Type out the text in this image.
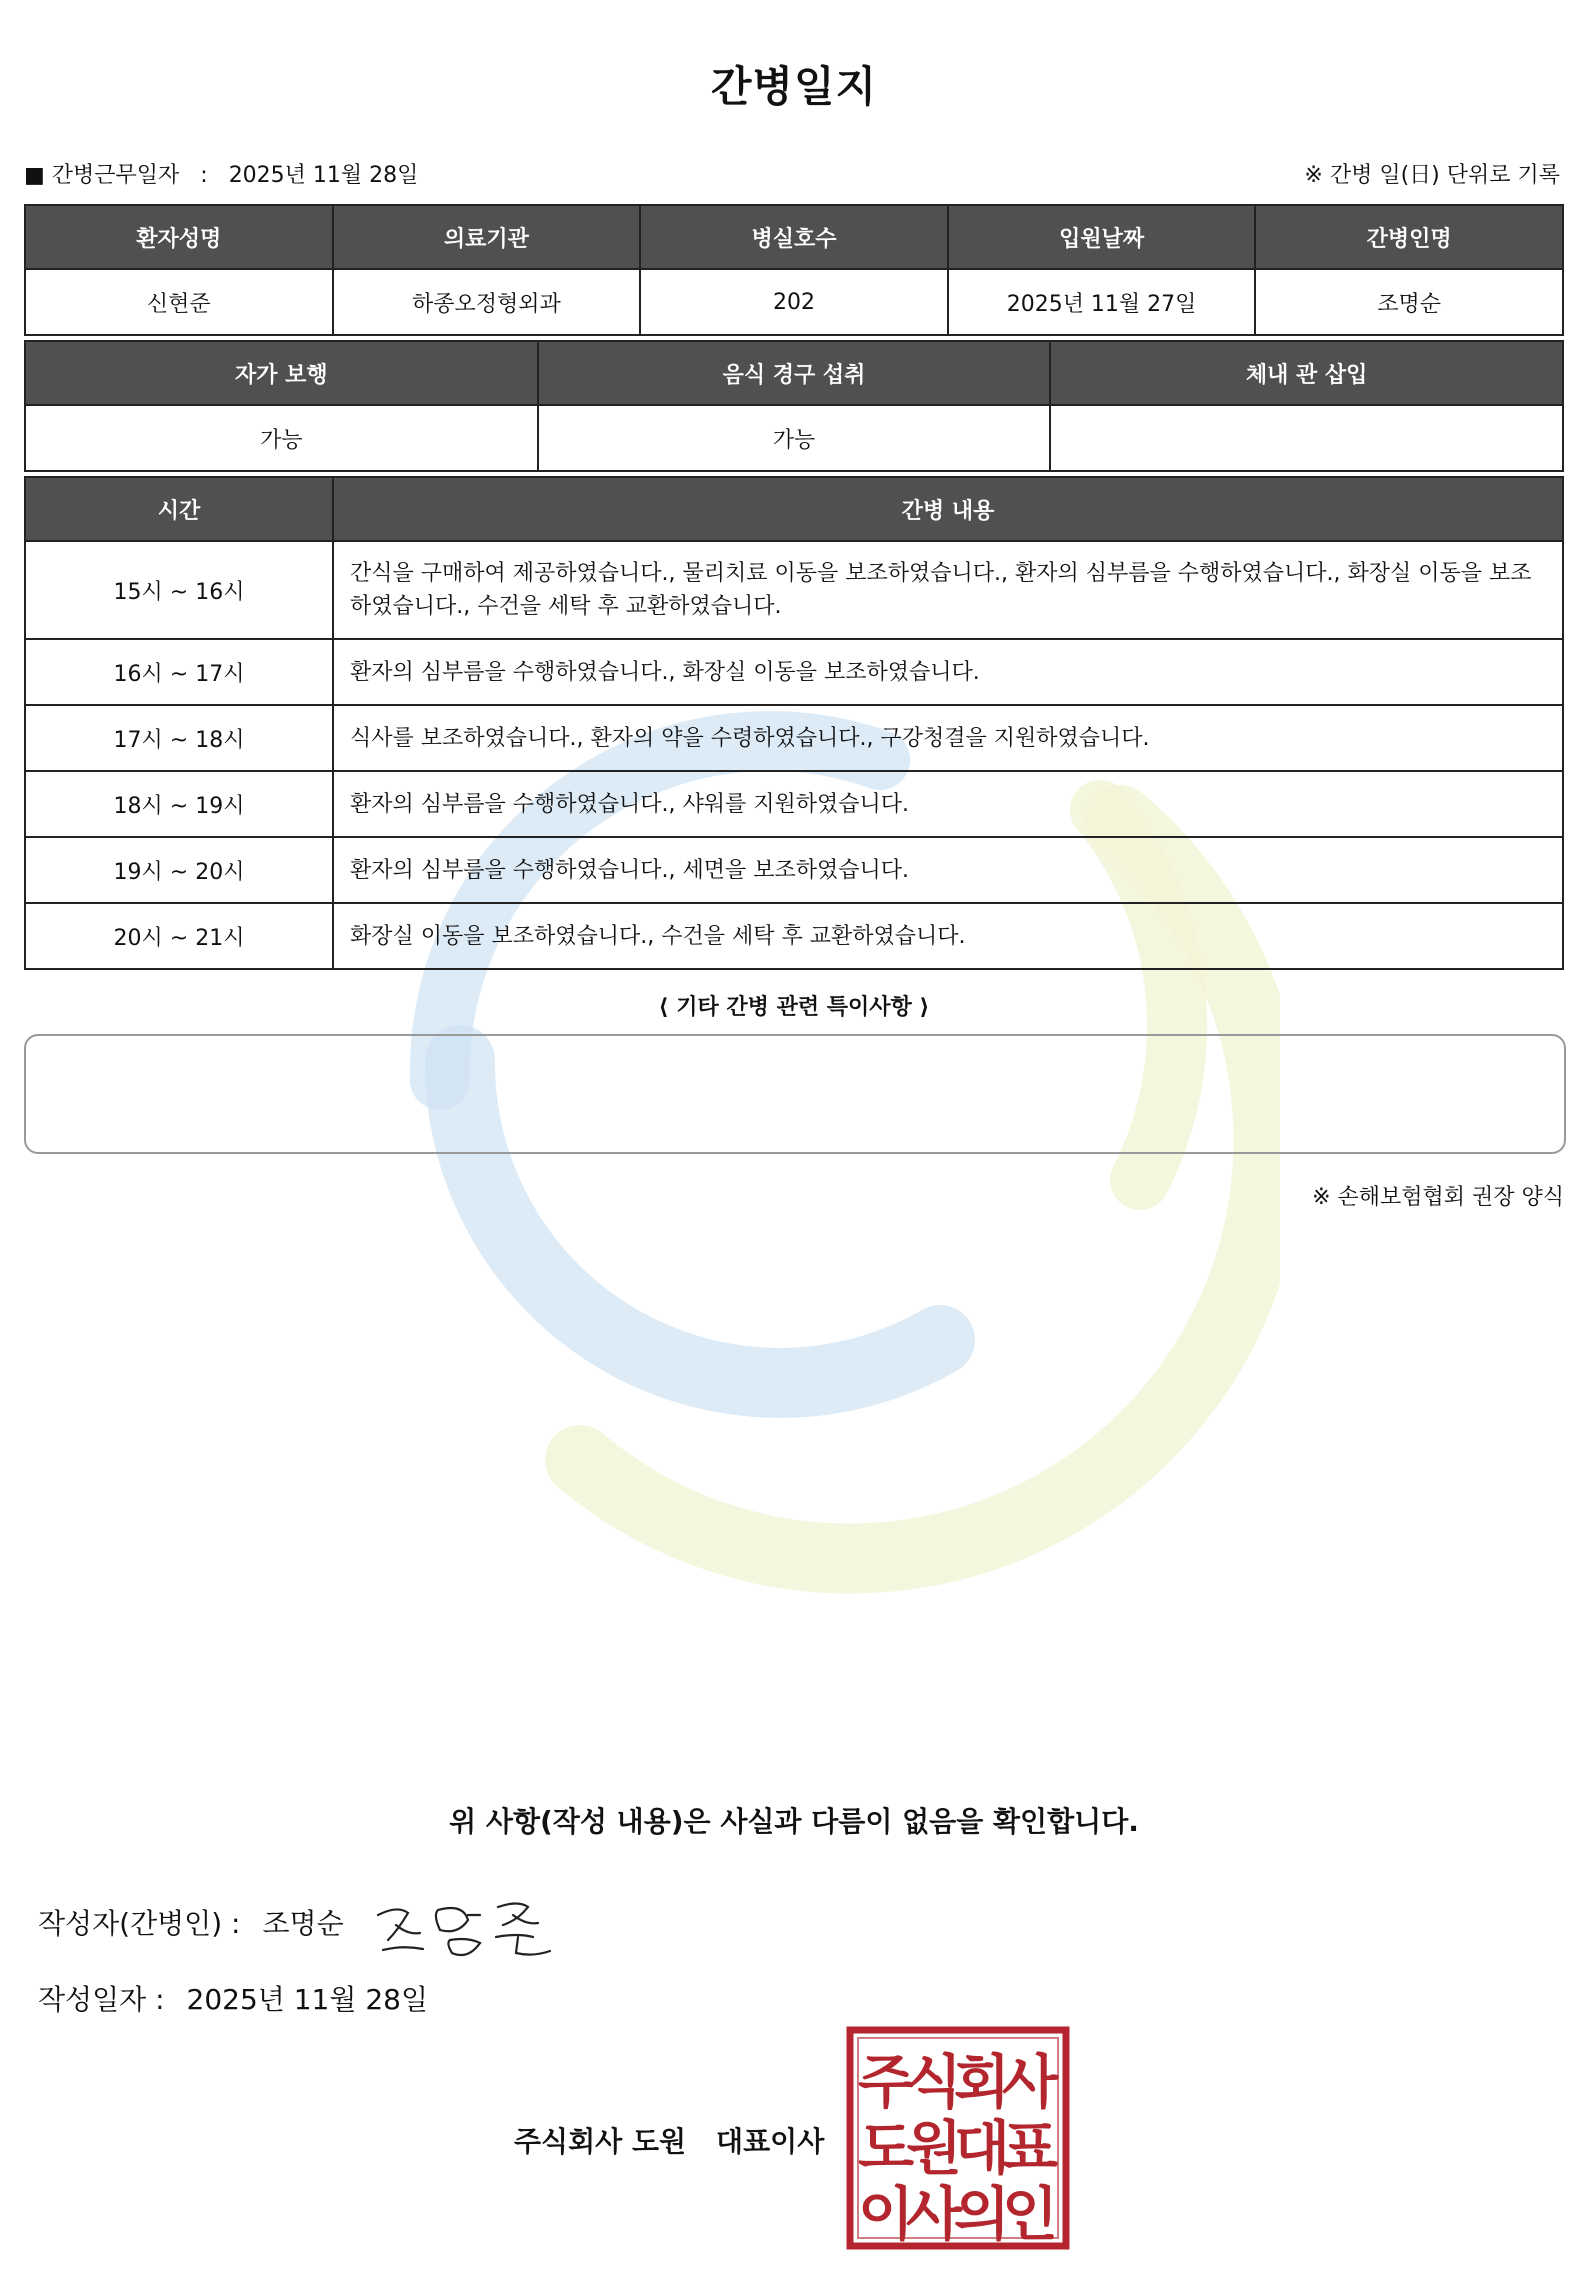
간병일지
■ 간병근무일자 : 2025년 11월 28일	※ 간병 일(日) 단위로 기록
환자성명	의료기관	병실호수	입원날짜	간병인명
신현준	하종오정형외과	202	2025년 11월 27일	조명순
자가 보행	음식 경구 섭취	체내 관 삽입
가능	가능	
시간	간병 내용
15시 ~ 16시	간식을 구매하여 제공하였습니다., 물리치료 이동을 보조하였습니다., 환자의 심부름을 수행하였습니다., 화장실 이동을 보조하였습니다., 수건을 세탁 후 교환하였습니다.
16시 ~ 17시	환자의 심부름을 수행하였습니다., 화장실 이동을 보조하였습니다.
17시 ~ 18시	식사를 보조하였습니다., 환자의 약을 수령하였습니다., 구강청결을 지원하였습니다.
18시 ~ 19시	환자의 심부름을 수행하였습니다., 샤워를 지원하였습니다.
19시 ~ 20시	환자의 심부름을 수행하였습니다., 세면을 보조하였습니다.
20시 ~ 21시	화장실 이동을 보조하였습니다., 수건을 세탁 후 교환하였습니다.
⟨ 기타 간병 관련 특이사항 ⟩
※ 손해보험협회 권장 양식
위 사항(작성 내용)은 사실과 다름이 없음을 확인합니다.
작성자(간병인) : 조명순
작성일자 : 2025년 11월 28일
주식회사 도원 대표이사
주
식
회
사
도
원
대
표
이
사
의
인
